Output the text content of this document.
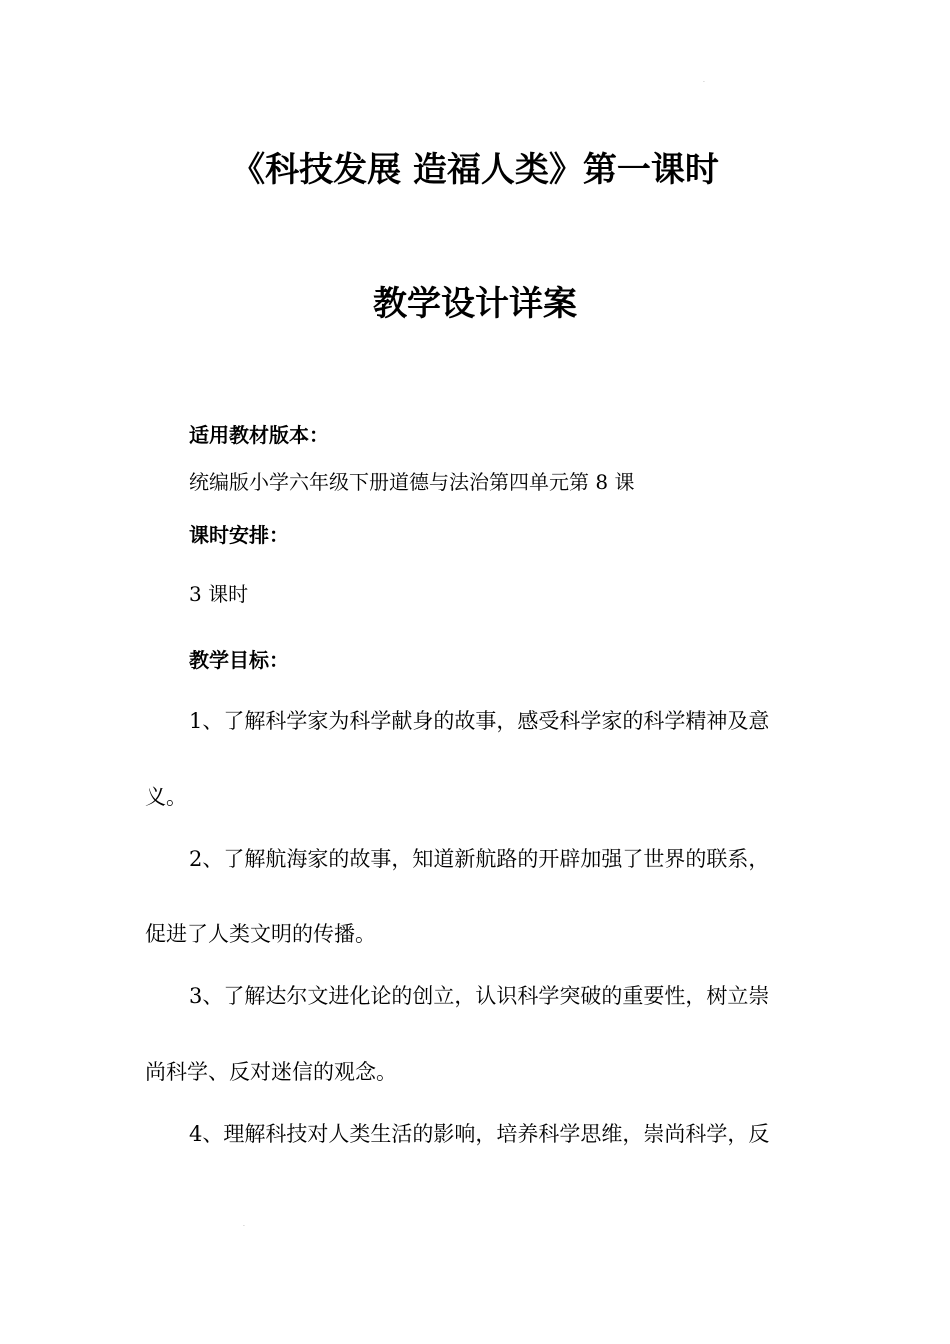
·
《科技发展 造福人类》第一课时
教学设计详案
适用教材版本：
统编版小学六年级下册道德与法治第四单元第 8 课
课时安排：
3 课时
教学目标：
1、了解科学家为科学献身的故事，感受科学家的科学精神及意
义。
2、了解航海家的故事，知道新航路的开辟加强了世界的联系，
促进了人类文明的传播。
3、了解达尔文进化论的创立，认识科学突破的重要性，树立崇
尚科学、反对迷信的观念。
4、理解科技对人类生活的影响，培养科学思维，崇尚科学，反
·
